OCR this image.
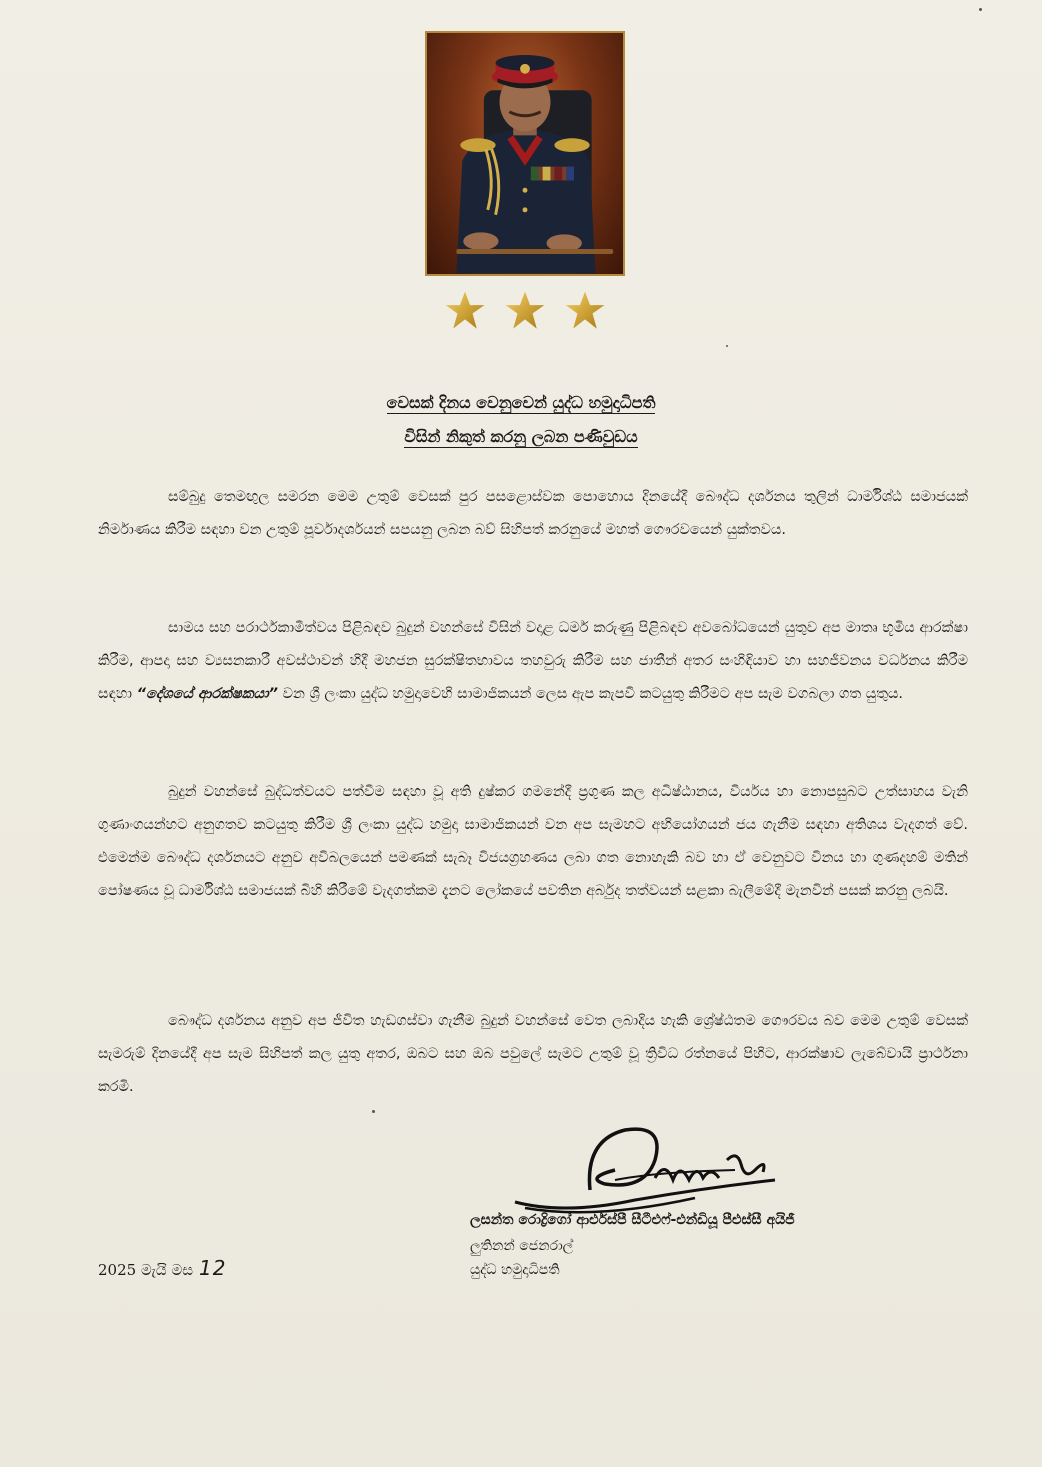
වෙසක් දිනය වෙනුවෙන් යුද්ධ හමුදාධිපති
විසින් නිකුත් කරනු ලබන පණිවුඩය

සම්බුදු තෙමඟුල සමරන මෙම උතුම් වෙසක් පුර පසළොස්වක පොහොය දිනයේදී බෞද්ධ දර්ශනය තුලින් ධාර්මිශ්ඨ සමාජයක් නිර්මාණය කිරීම සඳහා වන උතුම් පූර්වාදර්ශයන් සපයනු ලබන බව් සිහිපත් කරනුයේ මහත් ගෞරවයෙන් යුක්තවය.

සාමය සහ පරාර්ථකාමීත්වය පිළිබඳව බුදුන් වහන්සේ විසින් වදාළ ධර්ම කරුණු පිළිබඳව අවබෝධයෙන් යුතුව අප මාතෘ භූමිය ආරක්ෂා කිරීම, ආපදා සහ ව්‍යසනකාරී අවස්ථාවන් හිදී මහජන සුරක්ෂිතභාවය තහවුරු කිරීම සහ ජාතීන් අතර සංහිඳියාව හා සහජීවනය වර්ධනය කිරීම සඳහා “දේශයේ ආරක්ෂකයා” වන ශ්‍රී ලංකා යුද්ධ හමුදාවෙහි සාමාජිකයන් ලෙස ඇප කැපවී කටයුතු කිරීමට අප සැම වගබලා ගත යුතුය.

බුදුන් වහන්සේ බුද්ධත්වයට පත්වීම සඳහා වූ අති දුෂ්කර ගමනේදී ප්‍රගුණ කල අධිෂ්ඨානය, වීර්යය හා නොපසුබට උත්සාහය වැනි ගුණාංගයන්හට අනුගතව කටයුතු කිරීම ශ්‍රී ලංකා යුද්ධ හමුදා සාමාජිකයන් වන අප සැමහට අභියෝගයන් ජය ගැනීම සඳහා අතිශය වැදගත් වේ. එමෙන්ම බෞද්ධ දර්ශනයට අනුව අවිබලයෙන් පමණක් සැබෑ විජයග්‍රහණය ලබා ගත නොහැකි බව හා ඒ වෙනුවට විනය හා ගුණදහම් මතින් පෝෂණය වූ ධාර්මිශ්ඨ සමාජයක් බිහි කිරීමේ වැදගත්කම දැනට ලෝකයේ පවතින අර්බුද තත්වයන් සළකා බැලීමේදී මැනවින් පසක් කරනු ලබයි.

බෞද්ධ දර්ශනය අනුව අප ජීවිත හැඩගස්වා ගැනීම බුදුන් වහන්සේ වෙත ලබාදිය හැකි ශ්‍රේෂ්ඨතම ගෞරවය බව මෙම උතුම් වෙසක් සැමරුම් දිනයේදී අප සැම සිහිපත් කල යුතු අතර, ඔබට සහ ඔබ පවුලේ සැමට උතුම් වූ ත්‍රිවිධ රත්නයේ පිහිට, ආරක්ෂාව ලැබේවායි ප්‍රාර්ථනා කරමි.

ලසන්ත රොද්‍රිගෝ ආර්එස්පී සීටීඑෆ්-එන්ඩියූ පීඑස්සී අයිජී
ලුතිනන් ජෙනරාල්
යුද්ධ හමුදාධිපති
2025 මැයි මස 12
